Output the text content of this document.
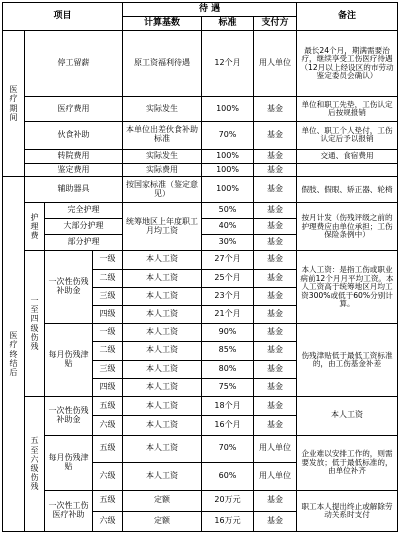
项目				待 遇			备注
				计算基数	标准	支付方	

医疗期间	停工留薪			原工资福利待遇	12个月	用人单位	最长24个月，期满需要治疗，继续享受工伤医疗待遇（12月以上经设区的市劳动鉴定委员会确认）
	医疗费用			实际发生	100%	基金	单位和职工先垫，工伤认定后按规报销
	伙食补助			本单位出差伙食补助标准	70%	基金	单位、职工个人垫付，工伤认定后予以报销
	转院费用			实际发生	100%	基金	交通、食宿费用
	鉴定费用			实际费用	100%	基金	

医疗终结后	辅助器具			按国家标准（鉴定意见）	100%	基金	假肢、假眼、矫正器、轮椅

	护理费	完全护理		统筹地区上年度职工月均工资	50%	基金	按月计发（伤残评级之前的护理费应由单位承担；工伤保险条例中）
		大部分护理			40%	基金	
		部分护理			30%	基金	

	一至四级伤残	一次性伤残补助金	一级	本人工资	27个月	基金	本人工资：是指工伤或职业病前12个月月平均工资。本人工资高于统筹地区月均工资300%或低于60%分别计算。
			二级	本人工资	25个月	基金	
			三级	本人工资	23个月	基金	
			四级	本人工资	21个月	基金	
		每月伤残津贴	一级	本人工资	90%	基金	伤残津贴低于最低工资标准的，由工伤基金补差
			二级	本人工资	85%	基金	
			三级	本人工资	80%	基金	
			四级	本人工资	75%	基金	

	五至六级伤残	一次性伤残补助金	五级	本人工资	18个月	基金	本人工资
			六级	本人工资	16个月	基金	
		每月伤残津贴	五级	本人工资	70%	用人单位	企业难以安排工作的，则需要发放；低于最低标准的，由单位补齐
			六级	本人工资	60%	用人单位	
		一次性工伤医疗补助	五级	定额	20万元	基金	职工本人提出终止或解除劳动关系时支付
			六级	定额	16万元	基金	
